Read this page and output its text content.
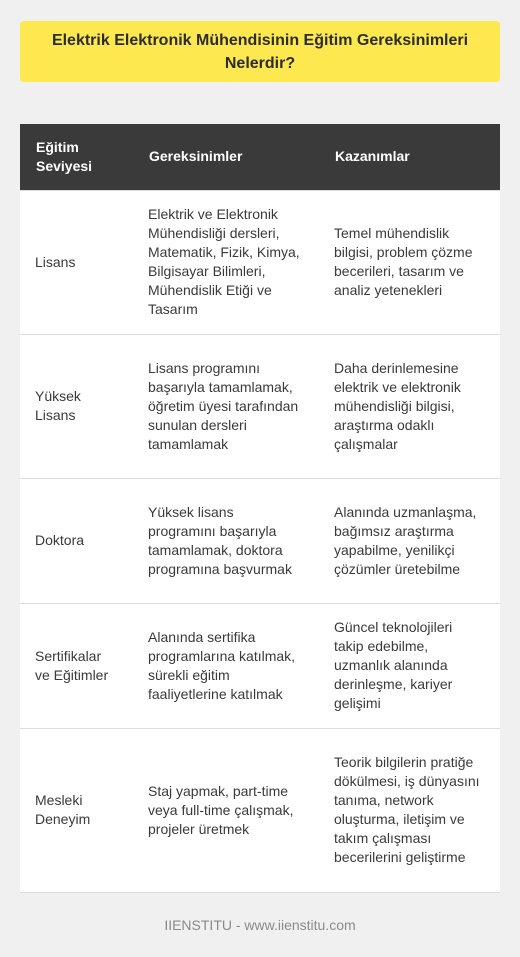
Elektrik Elektronik Mühendisinin Eğitim Gereksinimleri Nelerdir?
Eğitim Seviyesi	Gereksinimler	Kazanımlar
Lisans	Elektrik ve Elektronik Mühendisliği dersleri, Matematik, Fizik, Kimya, Bilgisayar Bilimleri, Mühendislik Etiği ve Tasarım	Temel mühendislik bilgisi, problem çözme becerileri, tasarım ve analiz yetenekleri
Yüksek Lisans	Lisans programını başarıyla tamamlamak, öğretim üyesi tarafından sunulan dersleri tamamlamak	Daha derinlemesine elektrik ve elektronik mühendisliği bilgisi, araştırma odaklı çalışmalar
Doktora	Yüksek lisans programını başarıyla tamamlamak, doktora programına başvurmak	Alanında uzmanlaşma, bağımsız araştırma yapabilme, yenilikçi çözümler üretebilme
Sertifikalar ve Eğitimler	Alanında sertifika programlarına katılmak, sürekli eğitim faaliyetlerine katılmak	Güncel teknolojileri takip edebilme, uzmanlık alanında derinleşme, kariyer gelişimi
Mesleki Deneyim	Staj yapmak, part-time veya full-time çalışmak, projeler üretmek	Teorik bilgilerin pratiğe dökülmesi, iş dünyasını tanıma, network oluşturma, iletişim ve takım çalışması becerilerini geliştirme
IIENSTITU - www.iienstitu.com
